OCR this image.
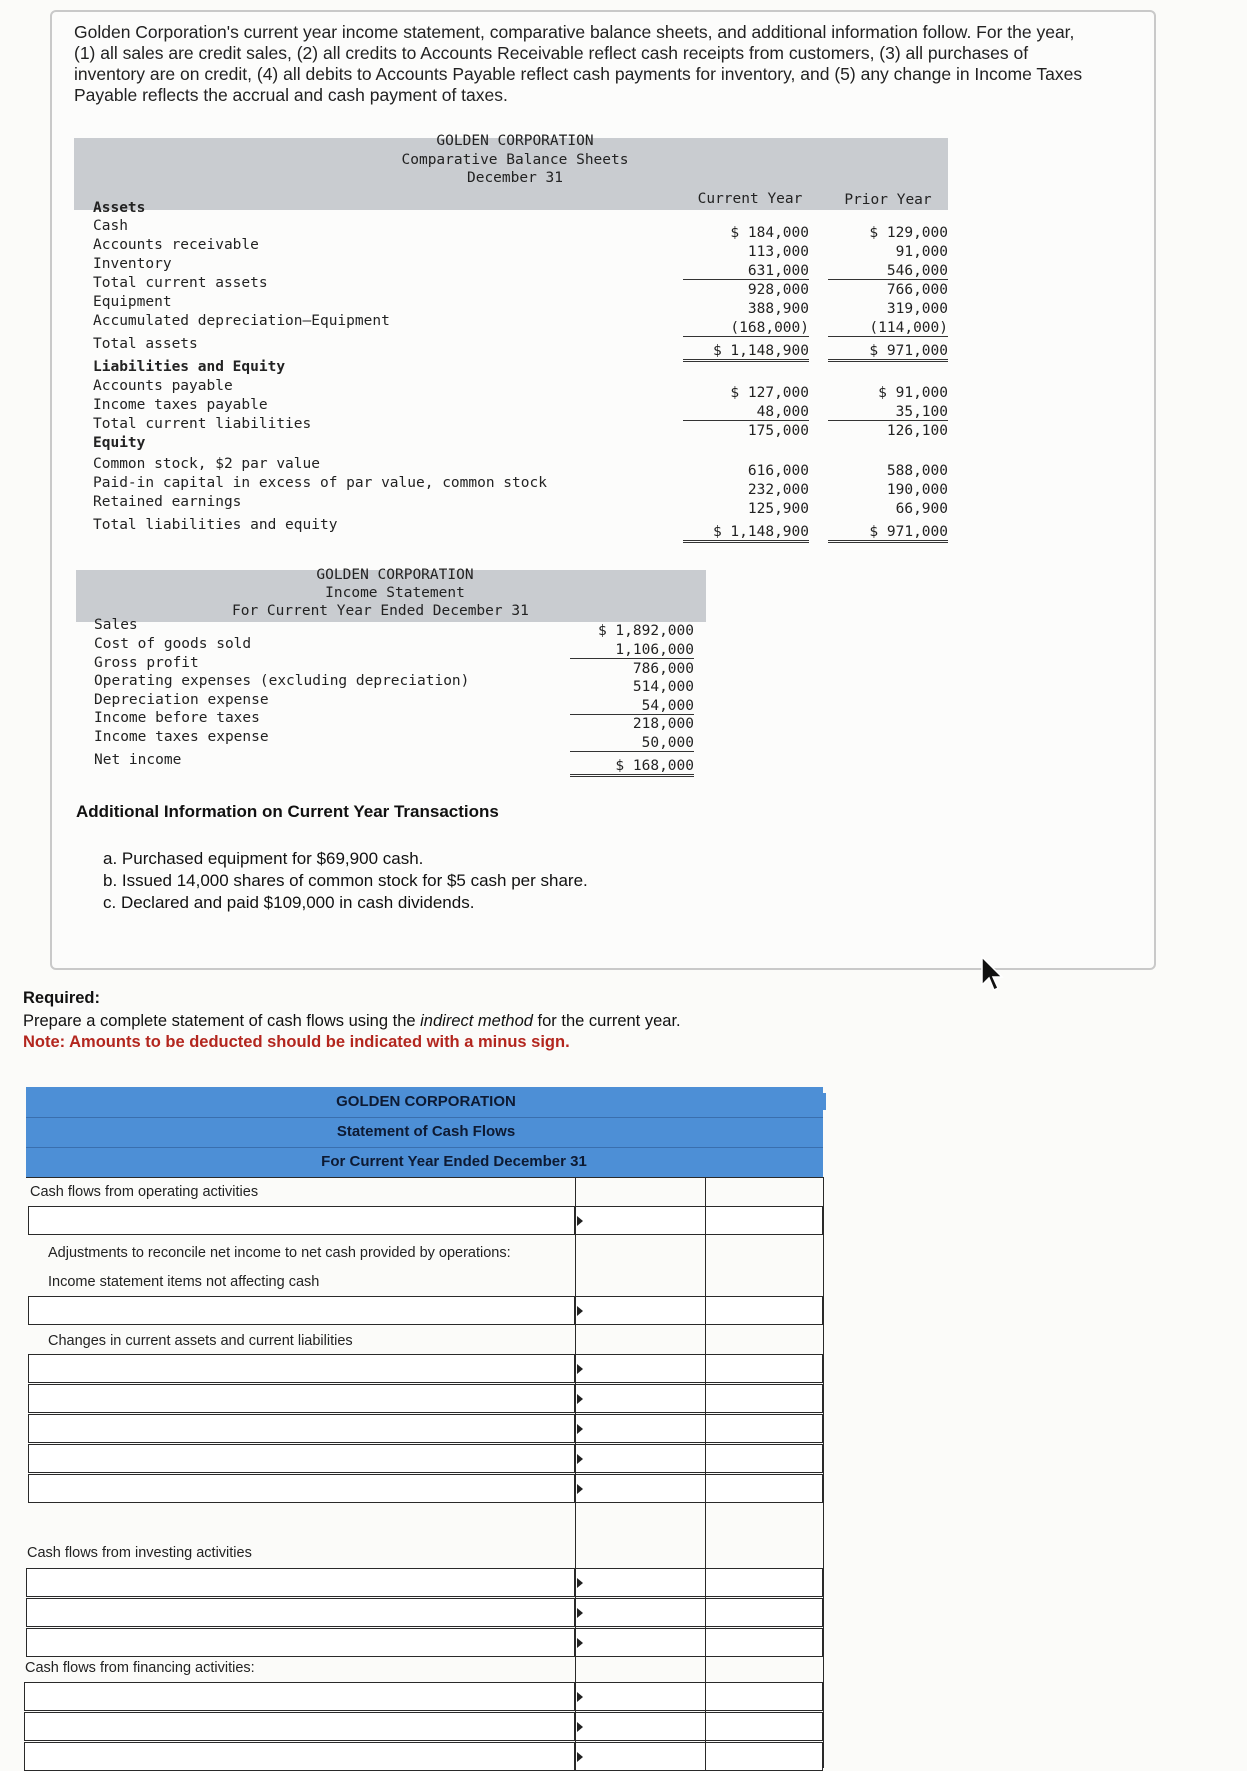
Golden Corporation's current year income statement, comparative balance sheets, and additional information follow. For the year, (1) all sales are credit sales, (2) all credits to Accounts Receivable reflect cash receipts from customers, (3) all purchases of inventory are on credit, (4) all debits to Accounts Payable reflect cash payments for inventory, and (5) any change in Income Taxes Payable reflects the accrual and cash payment of taxes.
GOLDEN CORPORATION
Comparative Balance Sheets
December 31
Current Year	Prior Year
Assets
Cash	$ 184,000	$ 129,000
Accounts receivable	113,000	91,000
Inventory	631,000	546,000
Total current assets	928,000	766,000
Equipment	388,900	319,000
Accumulated depreciation–Equipment	(168,000)	(114,000)
Total assets	$ 1,148,900	$ 971,000
Liabilities and Equity
Accounts payable	$ 127,000	$ 91,000
Income taxes payable	48,000	35,100
Total current liabilities	175,000	126,100
Equity
Common stock, $2 par value	616,000	588,000
Paid-in capital in excess of par value, common stock	232,000	190,000
Retained earnings	125,900	66,900
Total liabilities and equity	$ 1,148,900	$ 971,000
GOLDEN CORPORATION
Income Statement
For Current Year Ended December 31
Sales	$ 1,892,000
Cost of goods sold	1,106,000
Gross profit	786,000
Operating expenses (excluding depreciation)	514,000
Depreciation expense	54,000
Income before taxes	218,000
Income taxes expense	50,000
Net income	$ 168,000
Additional Information on Current Year Transactions
a. Purchased equipment for $69,900 cash.
b. Issued 14,000 shares of common stock for $5 cash per share.
c. Declared and paid $109,000 in cash dividends.
Required:
Prepare a complete statement of cash flows using the indirect method for the current year.
Note: Amounts to be deducted should be indicated with a minus sign.
GOLDEN CORPORATION
Statement of Cash Flows
For Current Year Ended December 31
Cash flows from operating activities
Adjustments to reconcile net income to net cash provided by operations:
Income statement items not affecting cash
Changes in current assets and current liabilities
Cash flows from investing activities
Cash flows from financing activities:
